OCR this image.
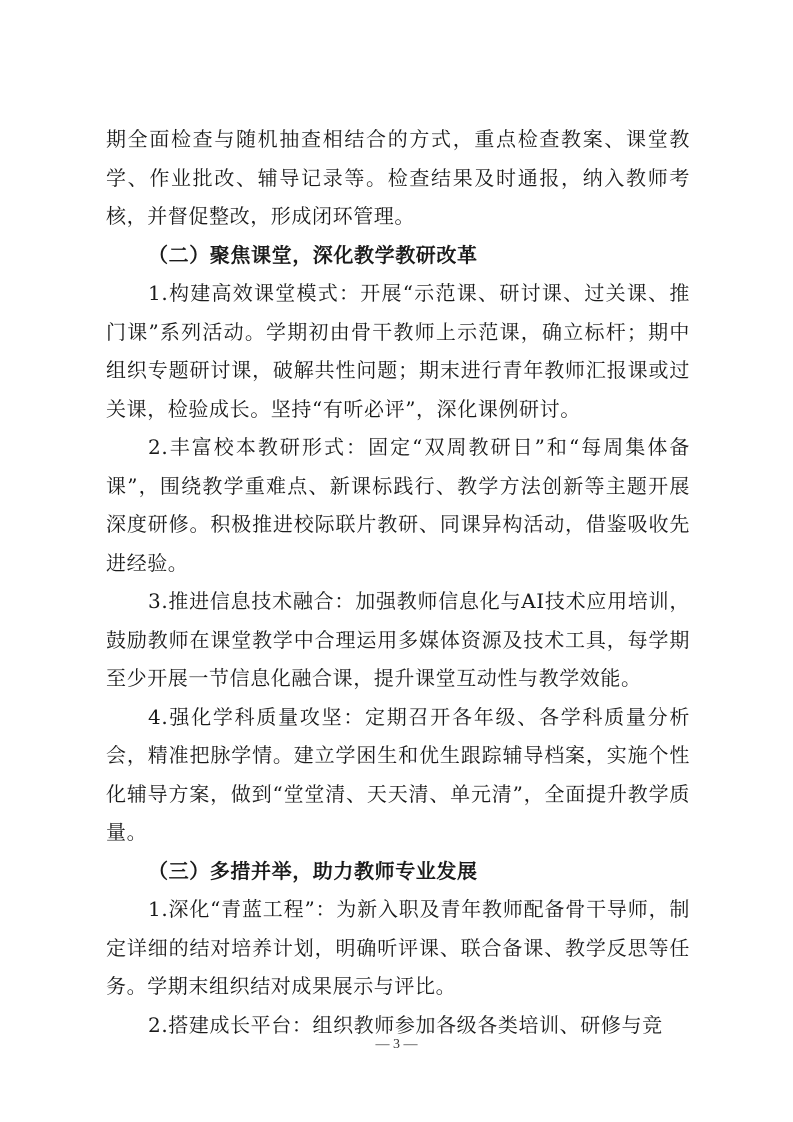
期全面检查与随机抽查相结合的方式，重点检查教案、课堂教学、作业批改、辅导记录等。检查结果及时通报，纳入教师考核，并督促整改，形成闭环管理。

（二）聚焦课堂，深化教学教研改革

1.构建高效课堂模式：开展“示范课、研讨课、过关课、推门课”系列活动。学期初由骨干教师上示范课，确立标杆；期中组织专题研讨课，破解共性问题；期末进行青年教师汇报课或过关课，检验成长。坚持“有听必评”，深化课例研讨。

2.丰富校本教研形式：固定“双周教研日”和“每周集体备课”，围绕教学重难点、新课标践行、教学方法创新等主题开展深度研修。积极推进校际联片教研、同课异构活动，借鉴吸收先进经验。

3.推进信息技术融合：加强教师信息化与AI技术应用培训，鼓励教师在课堂教学中合理运用多媒体资源及技术工具，每学期至少开展一节信息化融合课，提升课堂互动性与教学效能。

4.强化学科质量攻坚：定期召开各年级、各学科质量分析会，精准把脉学情。建立学困生和优生跟踪辅导档案，实施个性化辅导方案，做到“堂堂清、天天清、单元清”，全面提升教学质量。

（三）多措并举，助力教师专业发展

1.深化“青蓝工程”：为新入职及青年教师配备骨干导师，制定详细的结对培养计划，明确听评课、联合备课、教学反思等任务。学期末组织结对成果展示与评比。

2.搭建成长平台：组织教师参加各级各类培训、研修与竞

— 3 —
